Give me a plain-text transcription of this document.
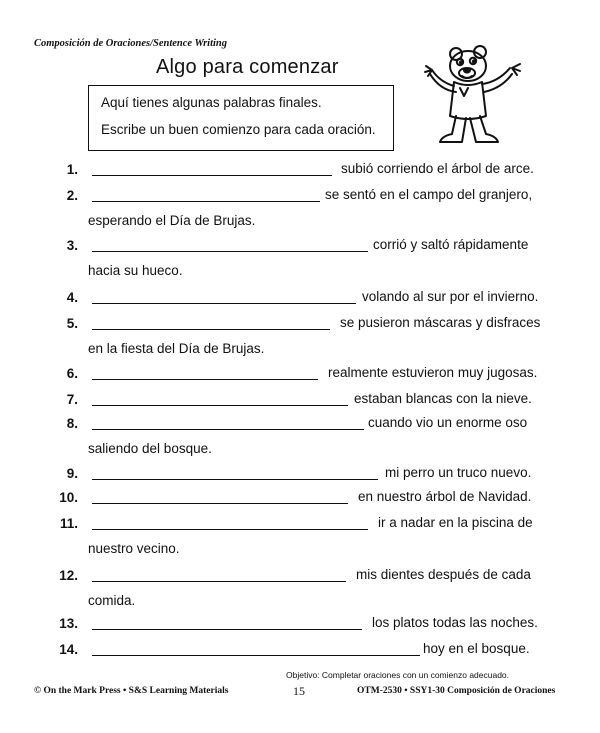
Composición de Oraciones/Sentence Writing
Algo para comenzar
Aquí tienes algunas palabras finales.
Escribe un buen comienzo para cada oración.
1.	subió corriendo el árbol de arce.
2.	se sentó en el campo del granjero,
esperando el Día de Brujas.
3.	corrió y saltó rápidamente
hacia su hueco.
4.	volando al sur por el invierno.
5.	se pusieron máscaras y disfraces
en la fiesta del Día de Brujas.
6.	realmente estuvieron muy jugosas.
7.	estaban blancas con la nieve.
8.	cuando vio un enorme oso
saliendo del bosque.
9.	mi perro un truco nuevo.
10.	en nuestro árbol de Navidad.
11.	ir a nadar en la piscina de
nuestro vecino.
12.	mis dientes después de cada
comida.
13.	los platos todas las noches.
14.	hoy en el bosque.
Objetivo: Completar oraciones con un comienzo adecuado.
© On the Mark Press • S&S Learning Materials	15	OTM-2530 • SSY1-30 Composición de Oraciones
